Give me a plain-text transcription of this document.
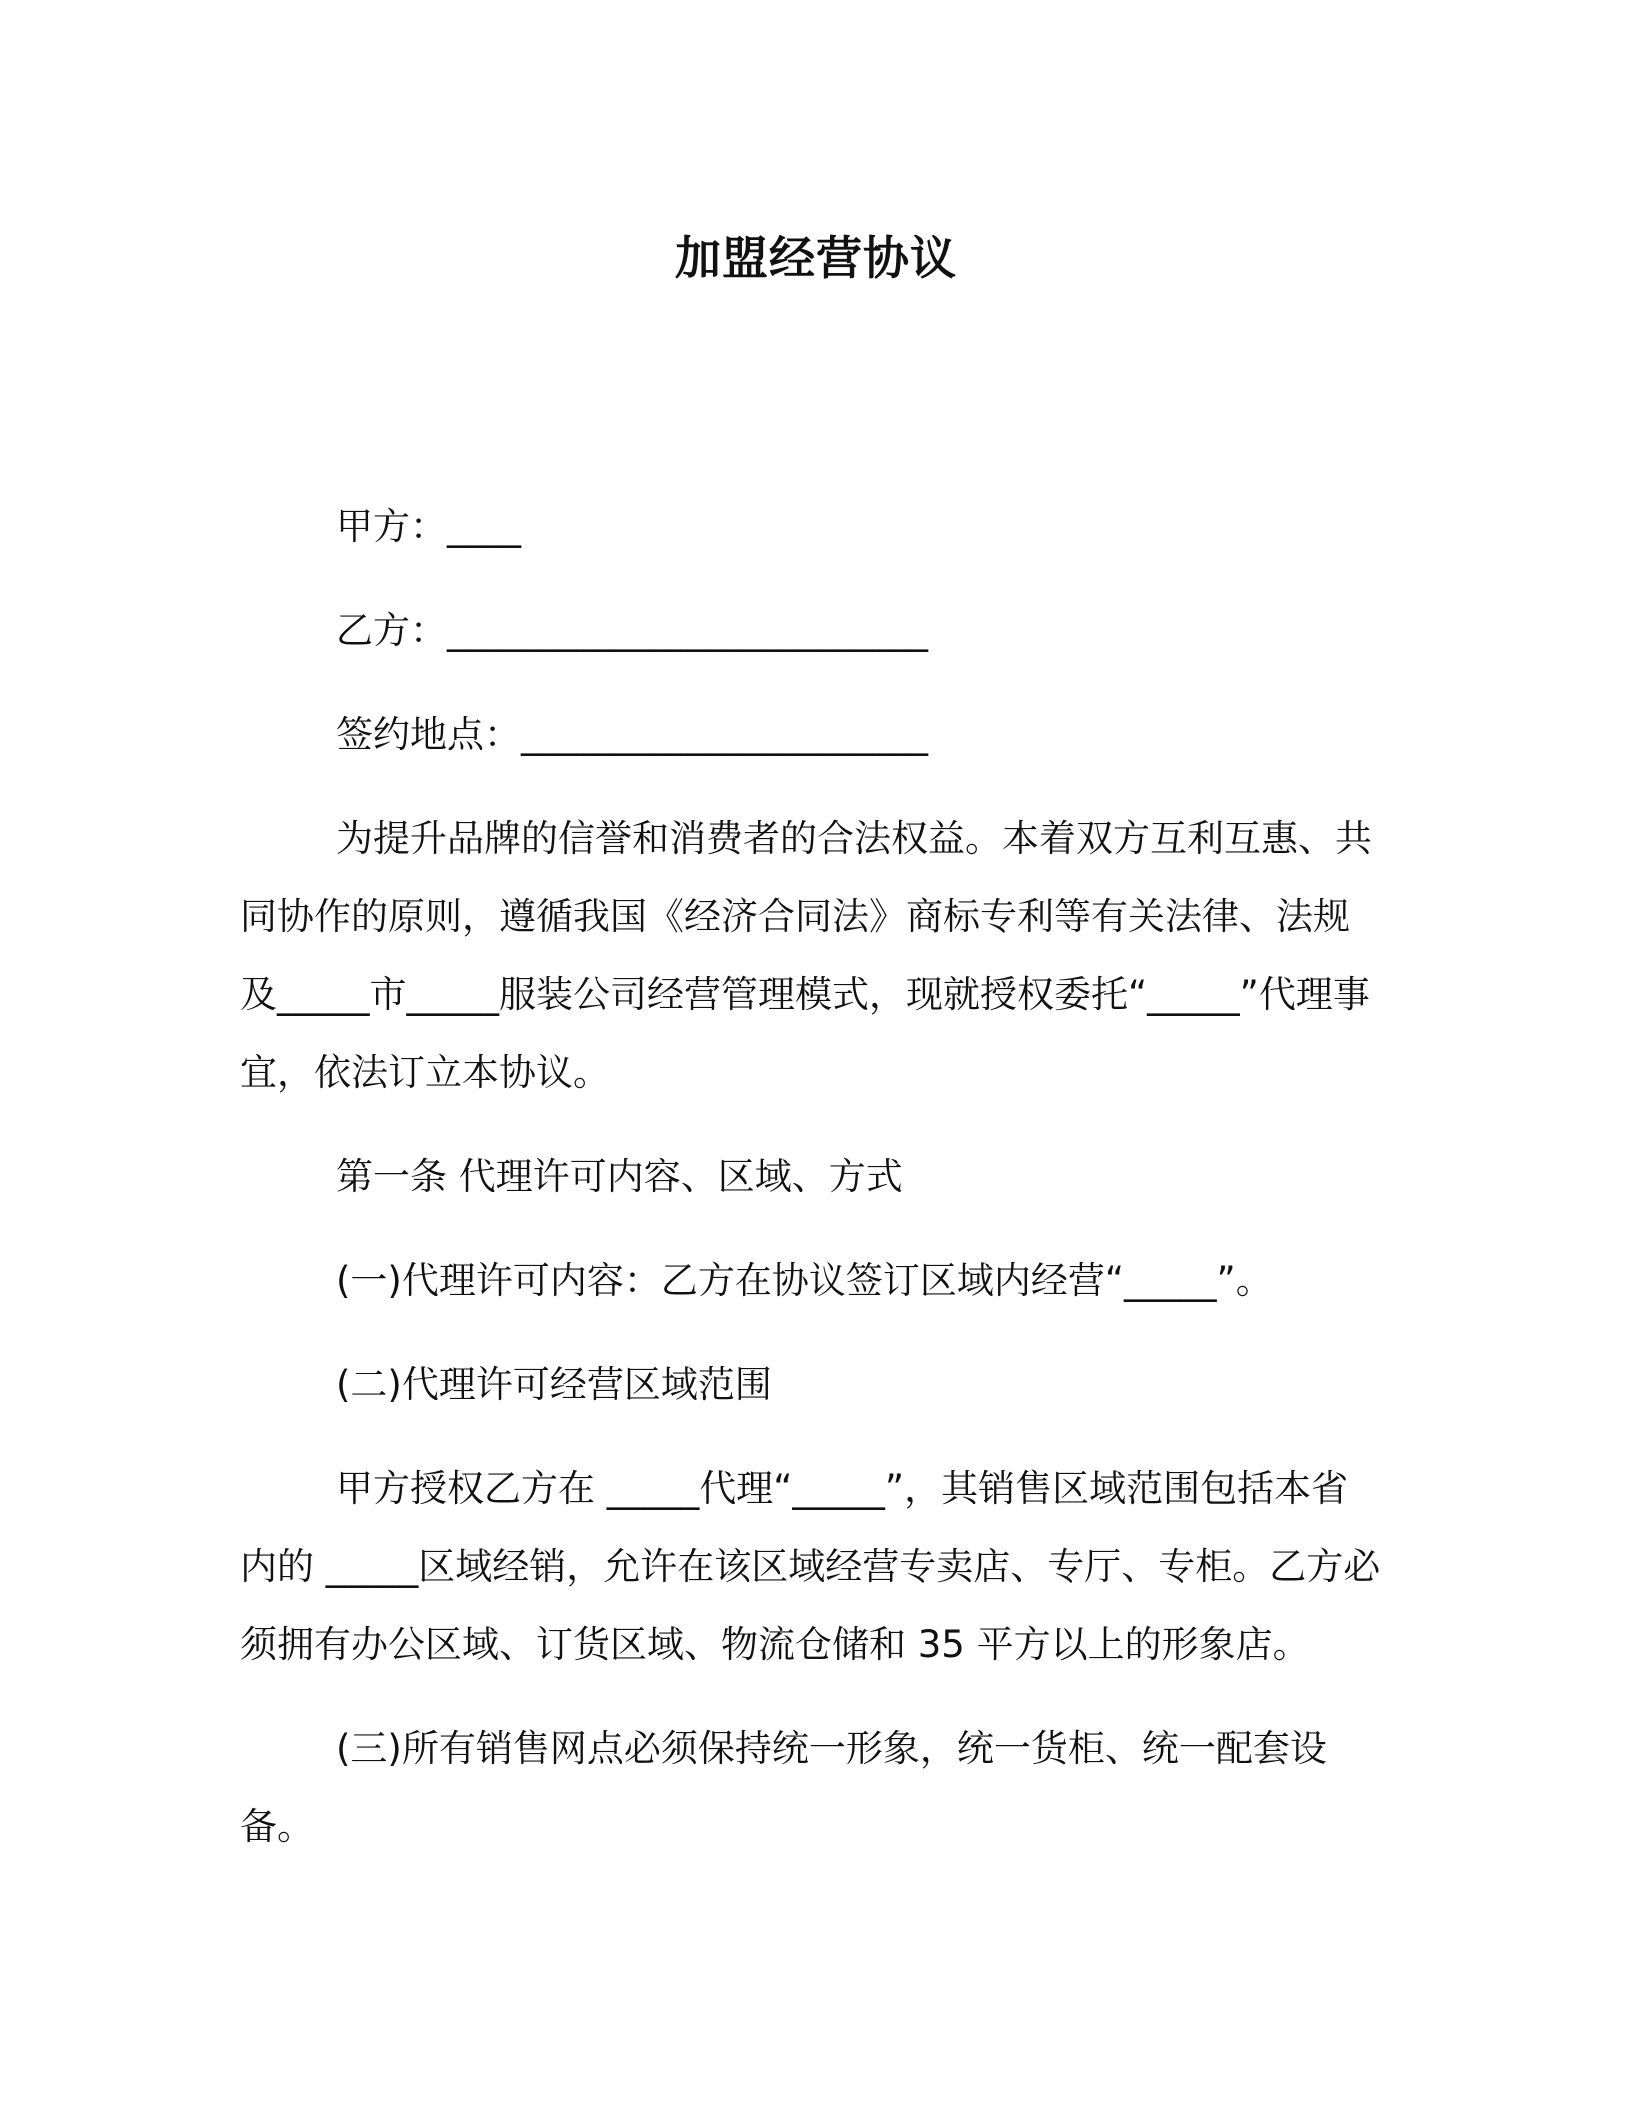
加盟经营协议

甲方：____

乙方：__________________________

签约地点：______________________

为提升品牌的信誉和消费者的合法权益。本着双方互利互惠、共同协作的原则，遵循我国《经济合同法》商标专利等有关法律、法规及_____市_____服装公司经营管理模式，现就授权委托“_____”代理事宜，依法订立本协议。

第一条 代理许可内容、区域、方式

(一)代理许可内容：乙方在协议签订区域内经营“_____”。

(二)代理许可经营区域范围

甲方授权乙方在 _____代理“_____”，其销售区域范围包括本省内的 _____区域经销，允许在该区域经营专卖店、专厅、专柜。乙方必须拥有办公区域、订货区域、物流仓储和 35 平方以上的形象店。

(三)所有销售网点必须保持统一形象，统一货柜、统一配套设备。
